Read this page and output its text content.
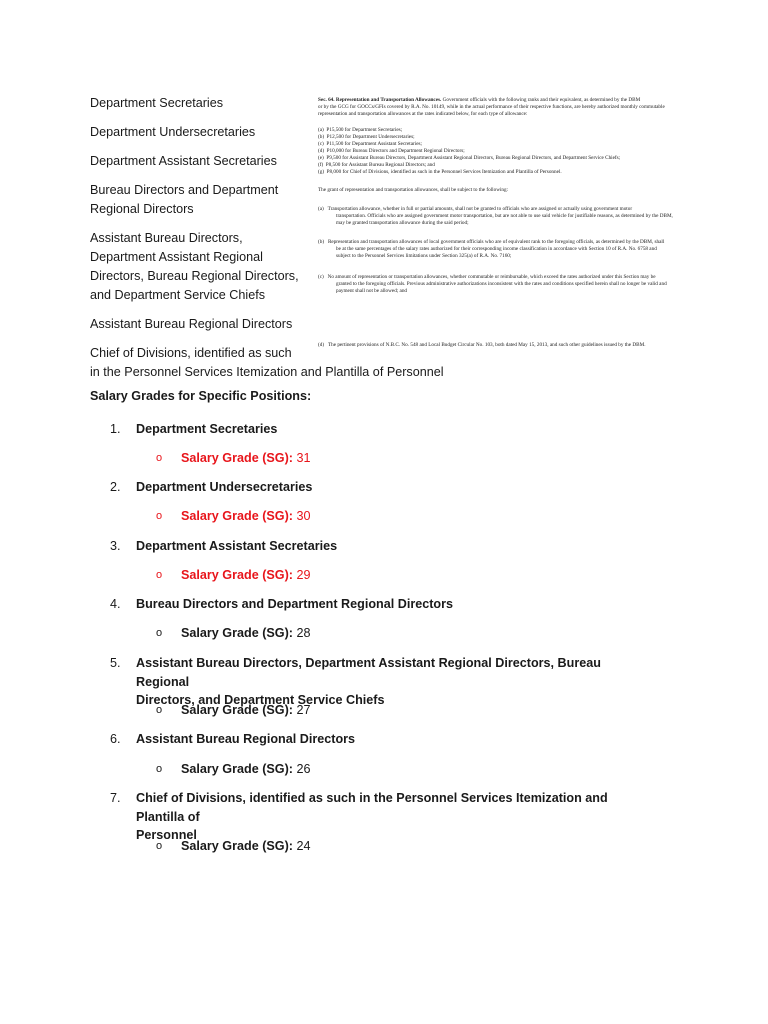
Department Secretaries
Department Undersecretaries
Department Assistant Secretaries
Bureau Directors and Department
Regional Directors
Assistant Bureau Directors,
Department Assistant Regional
Directors, Bureau Regional Directors,
and Department Service Chiefs
Assistant Bureau Regional Directors
Chief of Divisions, identified as such
in the Personnel Services Itemization and Plantilla of Personnel
Sec. 64. Representation and Transportation Allowances. Government officials with the following ranks and their equivalent, as determined by the DBM
or by the GCG for GOCCs/GFIs covered by R.A. No. 10149, while in the actual performance of their respective functions, are hereby authorized monthly commutable
representation and transportation allowances at the rates indicated below, for each type of allowance:
(a) P15,500 for Department Secretaries;
(b) P12,500 for Department Undersecretaries;
(c) P11,500 for Department Assistant Secretaries;
(d) P10,000 for Bureau Directors and Department Regional Directors;
(e) P9,500 for Assistant Bureau Directors, Department Assistant Regional Directors, Bureau Regional Directors, and Department Service Chiefs;
(f) P8,500 for Assistant Bureau Regional Directors; and
(g) P8,000 for Chief of Divisions, identified as such in the Personnel Services Itemization and Plantilla of Personnel.
The grant of representation and transportation allowances, shall be subject to the following:
(a) Transportation allowance, whether in full or partial amounts, shall not be granted to officials who are assigned or actually using government motor
transportation. Officials who are assigned government motor transportation, but are not able to use said vehicle for justifiable reasons, as determined by the DBM,
may be granted transportation allowance during the said period;
(b) Representation and transportation allowances of local government officials who are of equivalent rank to the foregoing officials, as determined by the DBM, shall
be at the same percentages of the salary rates authorized for their corresponding income classification in accordance with Section 10 of R.A. No. 6758 and
subject to the Personnel Services limitations under Section 325(a) of R.A. No. 7160;
(c) No amount of representation or transportation allowances, whether commutable or reimbursable, which exceed the rates authorized under this Section may be
granted to the foregoing officials. Previous administrative authorizations inconsistent with the rates and conditions specified herein shall no longer be valid and
payment shall not be allowed; and
(d) The pertinent provisions of N.B.C. No. 548 and Local Budget Circular No. 103, both dated May 15, 2013, and such other guidelines issued by the DBM.
Salary Grades for Specific Positions:
1. Department Secretaries
o Salary Grade (SG): 31
2. Department Undersecretaries
o Salary Grade (SG): 30
3. Department Assistant Secretaries
o Salary Grade (SG): 29
4. Bureau Directors and Department Regional Directors
o Salary Grade (SG): 28
5. Assistant Bureau Directors, Department Assistant Regional Directors, Bureau Regional
Directors, and Department Service Chiefs
o Salary Grade (SG): 27
6. Assistant Bureau Regional Directors
o Salary Grade (SG): 26
7. Chief of Divisions, identified as such in the Personnel Services Itemization and Plantilla of
Personnel
o Salary Grade (SG): 24
